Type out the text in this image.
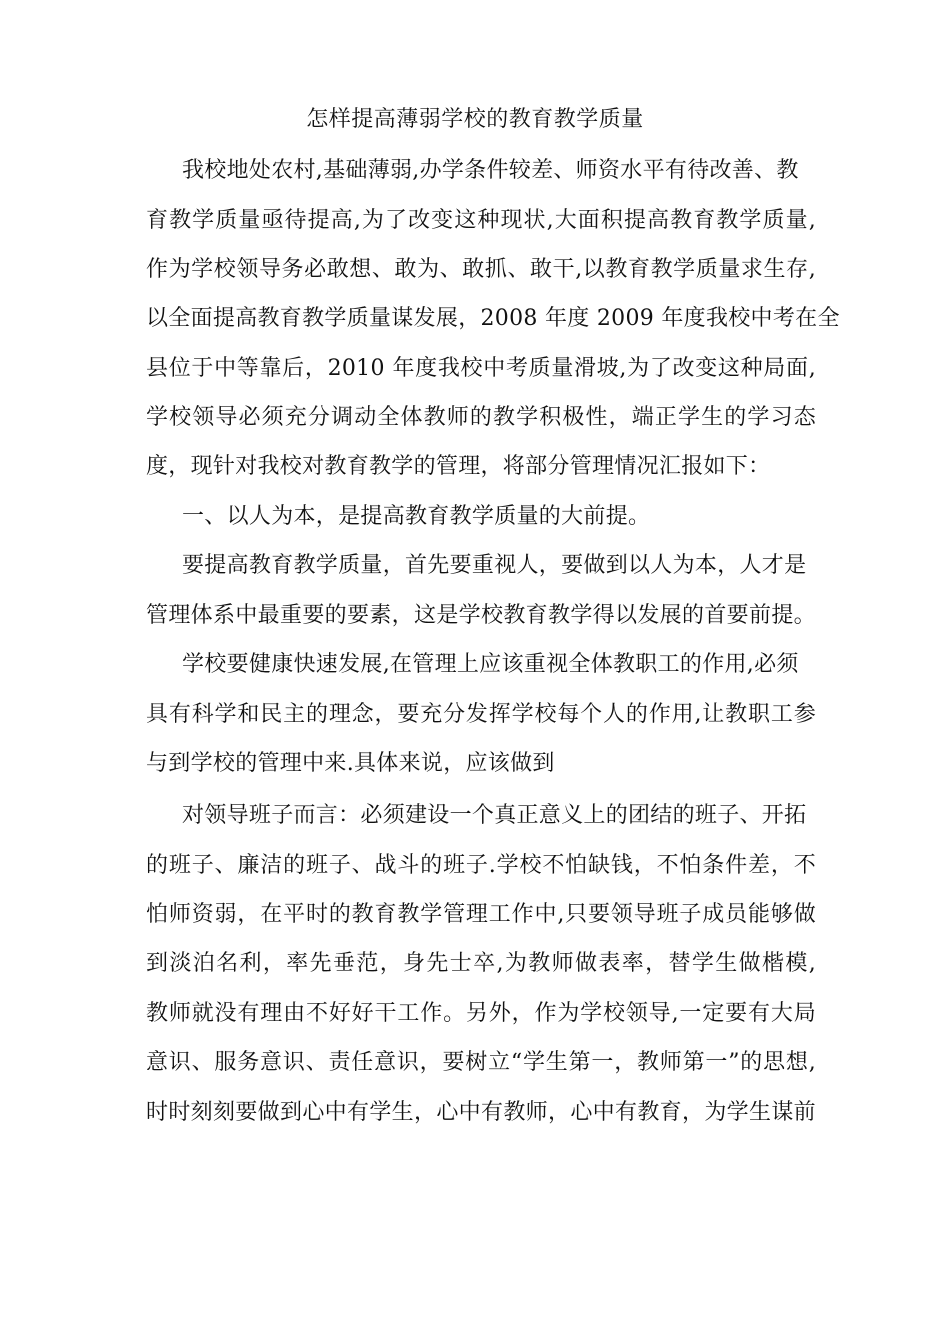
怎样提高薄弱学校的教育教学质量
我校地处农村,基础薄弱,办学条件较差、师资水平有待改善、教
育教学质量亟待提高,为了改变这种现状,大面积提高教育教学质量,
作为学校领导务必敢想、敢为、敢抓、敢干,以教育教学质量求生存,
以全面提高教育教学质量谋发展，2008 年度 2009 年度我校中考在全
县位于中等靠后，2010 年度我校中考质量滑坡,为了改变这种局面,
学校领导必须充分调动全体教师的教学积极性，端正学生的学习态
度，现针对我校对教育教学的管理，将部分管理情况汇报如下：
一、以人为本，是提高教育教学质量的大前提。
要提高教育教学质量，首先要重视人，要做到以人为本，人才是
管理体系中最重要的要素，这是学校教育教学得以发展的首要前提。
学校要健康快速发展,在管理上应该重视全体教职工的作用,必须
具有科学和民主的理念，要充分发挥学校每个人的作用,让教职工参
与到学校的管理中来.具体来说，应该做到
对领导班子而言：必须建设一个真正意义上的团结的班子、开拓
的班子、廉洁的班子、战斗的班子.学校不怕缺钱，不怕条件差，不
怕师资弱，在平时的教育教学管理工作中,只要领导班子成员能够做
到淡泊名利，率先垂范，身先士卒,为教师做表率，替学生做楷模,
教师就没有理由不好好干工作。另外，作为学校领导,一定要有大局
意识、服务意识、责任意识，要树立“学生第一，教师第一”的思想,
时时刻刻要做到心中有学生，心中有教师，心中有教育，为学生谋前
